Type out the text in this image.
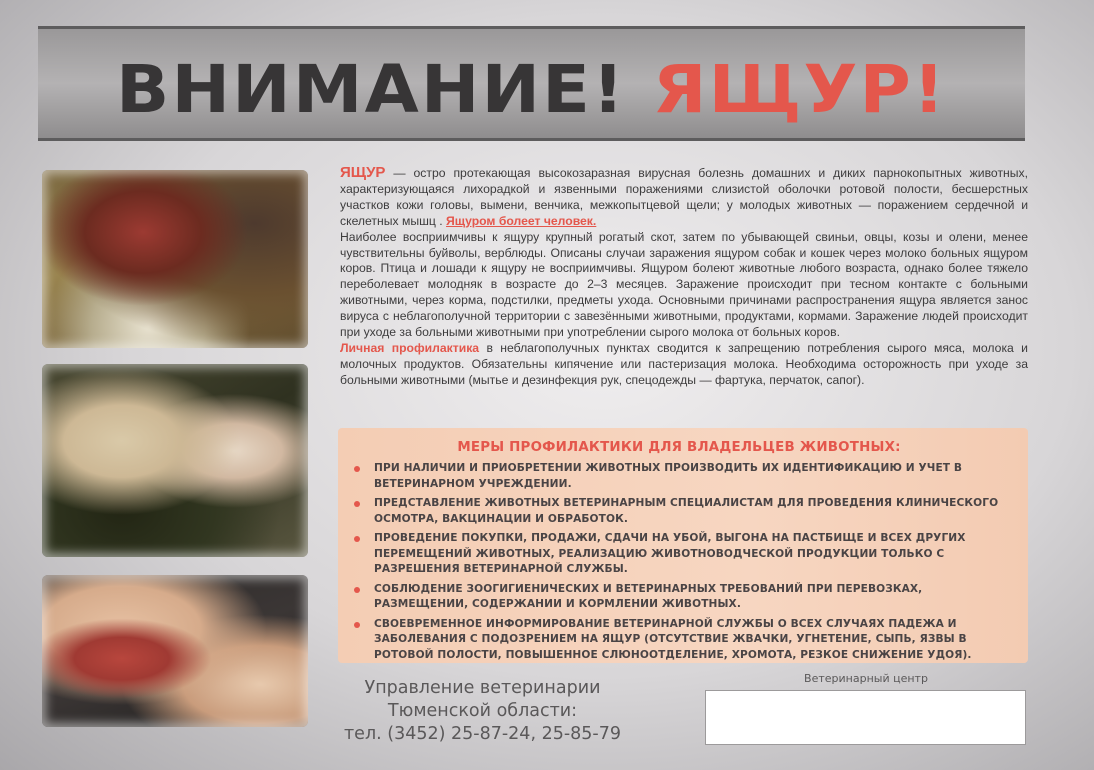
ВНИМАНИЕ! ЯЩУР!

ЯЩУР — остро протекающая высокозаразная вирусная болезнь домашних и диких парнокопытных животных, характеризующаяся лихорадкой и язвенными поражениями слизистой оболочки ротовой полости, бесшерстных участков кожи головы, вымени, венчика, межкопытцевой щели; у молодых животных — поражением сердечной и скелетных мышц . Ящуром болеет человек.

Наиболее восприимчивы к ящуру крупный рогатый скот, затем по убывающей свиньи, овцы, козы и олени, менее чувствительны буйволы, верблюды. Описаны случаи заражения ящуром собак и кошек через молоко больных ящуром коров. Птица и лошади к ящуру не восприимчивы. Ящуром болеют животные любого возраста, однако более тяжело переболевает молодняк в возрасте до 2–3 месяцев. Заражение происходит при тесном контакте с больными животными, через корма, подстилки, предметы ухода. Основными причинами распространения ящура является занос вируса с неблагополучной территории с завезёнными животными, продуктами, кормами. Заражение людей происходит при уходе за больными животными при употреблении сырого молока от больных коров.

Личная профилактика в неблагополучных пунктах сводится к запрещению потребления сырого мяса, молока и молочных продуктов. Обязательны кипячение или пастеризация молока. Необходима осторожность при уходе за больными животными (мытье и дезинфекция рук, спецодежды — фартука, перчаток, сапог).

МЕРЫ ПРОФИЛАКТИКИ ДЛЯ ВЛАДЕЛЬЦЕВ ЖИВОТНЫХ:
ПРИ НАЛИЧИИ И ПРИОБРЕТЕНИИ ЖИВОТНЫХ ПРОИЗВОДИТЬ ИХ ИДЕНТИФИКАЦИЮ И УЧЕТ В ВЕТЕРИНАРНОМ УЧРЕЖДЕНИИ.
ПРЕДСТАВЛЕНИЕ ЖИВОТНЫХ ВЕТЕРИНАРНЫМ СПЕЦИАЛИСТАМ ДЛЯ ПРОВЕДЕНИЯ КЛИНИЧЕСКОГО ОСМОТРА, ВАКЦИНАЦИИ И ОБРАБОТОК.
ПРОВЕДЕНИЕ ПОКУПКИ, ПРОДАЖИ, СДАЧИ НА УБОЙ, ВЫГОНА НА ПАСТБИЩЕ И ВСЕХ ДРУГИХ ПЕРЕМЕЩЕНИЙ ЖИВОТНЫХ, РЕАЛИЗАЦИЮ ЖИВОТНОВОДЧЕСКОЙ ПРОДУКЦИИ ТОЛЬКО С РАЗРЕШЕНИЯ ВЕТЕРИНАРНОЙ СЛУЖБЫ.
СОБЛЮДЕНИЕ ЗООГИГИЕНИЧЕСКИХ И ВЕТЕРИНАРНЫХ ТРЕБОВАНИЙ ПРИ ПЕРЕВОЗКАХ, РАЗМЕЩЕНИИ, СОДЕРЖАНИИ И КОРМЛЕНИИ ЖИВОТНЫХ.
СВОЕВРЕМЕННОЕ ИНФОРМИРОВАНИЕ ВЕТЕРИНАРНОЙ СЛУЖБЫ О ВСЕХ СЛУЧАЯХ ПАДЕЖА И ЗАБОЛЕВАНИЯ С ПОДОЗРЕНИЕМ НА ЯЩУР (ОТСУТСТВИЕ ЖВАЧКИ, УГНЕТЕНИЕ, СЫПЬ, ЯЗВЫ В РОТОВОЙ ПОЛОСТИ, ПОВЫШЕННОЕ СЛЮНООТДЕЛЕНИЕ, ХРОМОТА, РЕЗКОЕ СНИЖЕНИЕ УДОЯ).
Управление ветеринарии
Тюменской области:
тел. (3452) 25-87-24, 25-85-79
Ветеринарный центр
